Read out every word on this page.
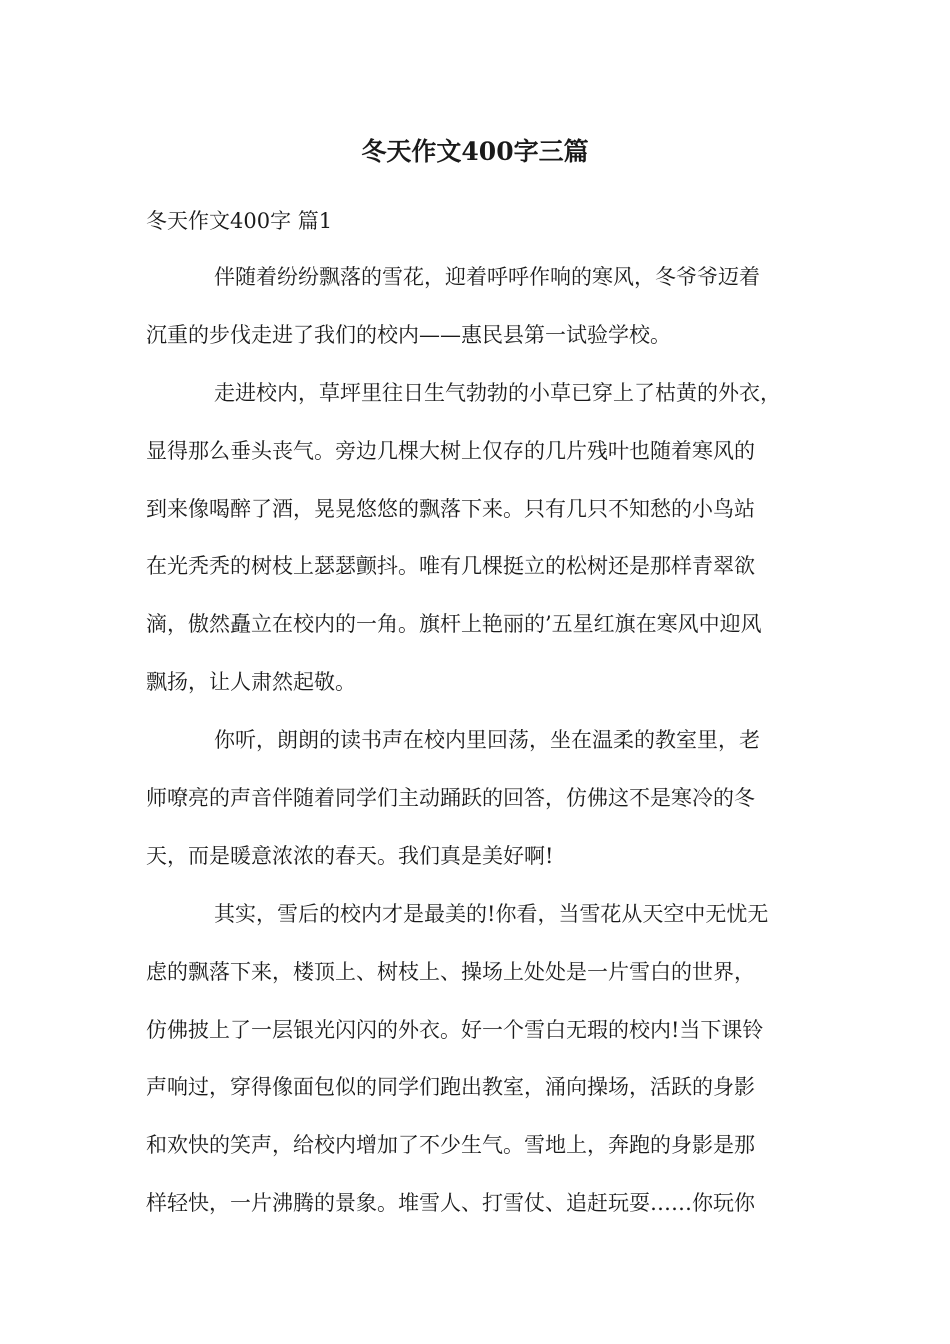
冬天作文400字三篇
冬天作文400字 篇1
伴随着纷纷飘落的雪花，迎着呼呼作响的寒风，冬爷爷迈着
沉重的步伐走进了我们的校内——惠民县第一试验学校。
走进校内，草坪里往日生气勃勃的小草已穿上了枯黄的外衣，
显得那么垂头丧气。旁边几棵大树上仅存的几片残叶也随着寒风的
到来像喝醉了酒，晃晃悠悠的飘落下来。只有几只不知愁的小鸟站
在光秃秃的树枝上瑟瑟颤抖。唯有几棵挺立的松树还是那样青翠欲
滴，傲然矗立在校内的一角。旗杆上艳丽的’五星红旗在寒风中迎风
飘扬，让人肃然起敬。
你听，朗朗的读书声在校内里回荡，坐在温柔的教室里，老
师嘹亮的声音伴随着同学们主动踊跃的回答，仿佛这不是寒冷的冬
天，而是暖意浓浓的春天。我们真是美好啊!
其实，雪后的校内才是最美的!你看，当雪花从天空中无忧无
虑的飘落下来，楼顶上、树枝上、操场上处处是一片雪白的世界，
仿佛披上了一层银光闪闪的外衣。好一个雪白无瑕的校内!当下课铃
声响过，穿得像面包似的同学们跑出教室，涌向操场，活跃的身影
和欢快的笑声，给校内增加了不少生气。雪地上，奔跑的身影是那
样轻快，一片沸腾的景象。堆雪人、打雪仗、追赶玩耍……你玩你
